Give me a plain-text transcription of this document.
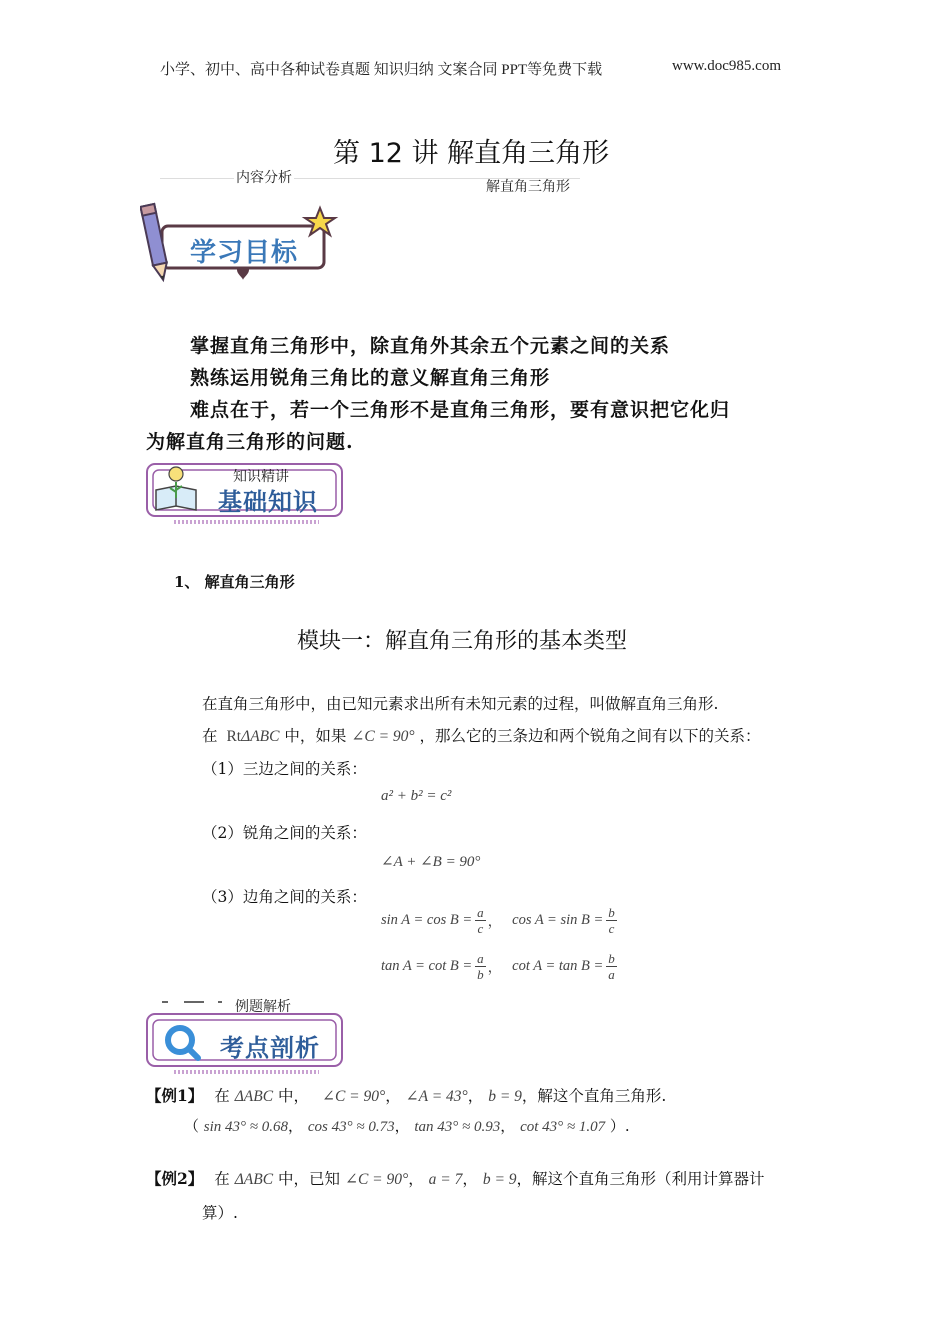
小学、初中、高中各种试卷真题 知识归纳 文案合同 PPT等免费下载	www.doc985.com
第 12 讲 解直角三角形
内容分析
解直角三角形
学习目标
掌握直角三角形中，除直角外其余五个元素之间的关系
熟练运用锐角三角比的意义解直角三角形
难点在于，若一个三角形不是直角三角形，要有意识把它化归
为解直角三角形的问题.
知识精讲
基础知识
1、 解直角三角形
模块一：解直角三角形的基本类型
在直角三角形中，由已知元素求出所有未知元素的过程，叫做解直角三角形.
在 RtΔABC 中，如果 ∠C = 90° ，那么它的三条边和两个锐角之间有以下的关系：
（1）三边之间的关系：
a² + b² = c²
（2）锐角之间的关系：
∠A + ∠B = 90°
（3）边角之间的关系：
$\sin A = \cos B = \frac{a}{c}$ ， $\cos A = \sin B = \frac{b}{c}$
$\tan A = \cot B = \frac{a}{b}$ ， $\cot A = \tan B = \frac{b}{a}$
例题解析
考点剖析
【例1】 在 ΔABC 中， ∠C = 90°， ∠A = 43°， b = 9，解这个直角三角形.
（ sin 43° ≈ 0.68， cos 43° ≈ 0.73， tan 43° ≈ 0.93， cot 43° ≈ 1.07 ）.
【例2】 在 ΔABC 中，已知 ∠C = 90°， a = 7， b = 9，解这个直角三角形（利用计算器计
算）.
